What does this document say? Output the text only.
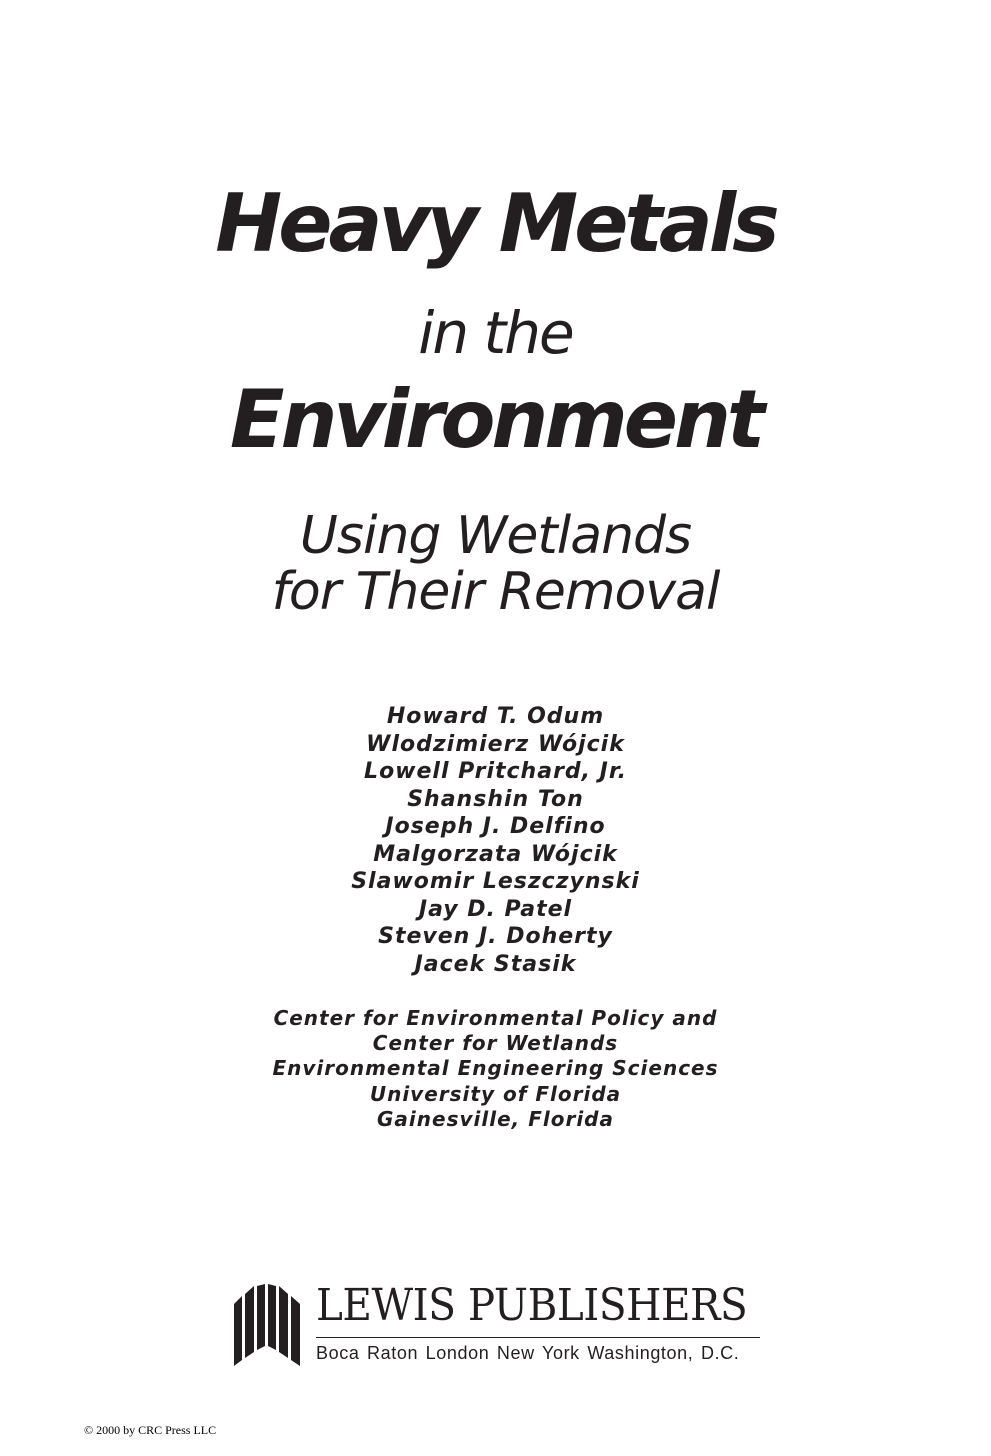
Heavy Metals
in the
Environment
Using Wetlands
for Their Removal
Howard T. Odum
Wlodzimierz Wójcik
Lowell Pritchard, Jr.
Shanshin Ton
Joseph J. Delfino
Malgorzata Wójcik
Slawomir Leszczynski
Jay D. Patel
Steven J. Doherty
Jacek Stasik
Center for Environmental Policy and
Center for Wetlands
Environmental Engineering Sciences
University of Florida
Gainesville, Florida
LEWIS PUBLISHERS
Boca Raton London New York Washington, D.C.
© 2000 by CRC Press LLC
